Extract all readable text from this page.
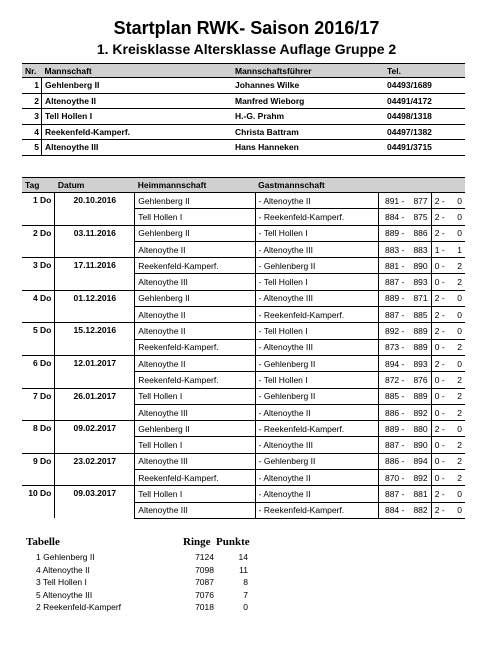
Startplan RWK- Saison 2016/17
1. Kreisklasse Altersklasse Auflage Gruppe 2
Nr.	Mannschaft	Mannschaftsführer	Tel.
1	Gehlenberg II	Johannes Wilke	04493/1689
2	Altenoythe II	Manfred Wieborg	04491/4172
3	Tell Hollen I	H.-G. Prahm	04498/1318
4	Reekenfeld-Kamperf.	Christa Battram	04497/1382
5	Altenoythe III	Hans Hanneken	04491/3715
Tag	Datum	Heimmannschaft	Gastmannschaft				
1 Do	20.10.2016	Gehlenberg II	- Altenoythe II	891 -	877	2 -	0
		Tell Hollen I	- Reekenfeld-Kamperf.	884 -	875	2 -	0
2 Do	03.11.2016	Gehlenberg II	- Tell Hollen I	889 -	886	2 -	0
		Altenoythe II	- Altenoythe III	883 -	883	1 -	1
3 Do	17.11.2016	Reekenfeld-Kamperf.	- Gehlenberg II	881 -	890	0 -	2
		Altenoythe III	- Tell Hollen I	887 -	893	0 -	2
4 Do	01.12.2016	Gehlenberg II	- Altenoythe III	889 -	871	2 -	0
		Altenoythe II	- Reekenfeld-Kamperf.	887 -	885	2 -	0
5 Do	15.12.2016	Altenoythe II	- Tell Hollen I	892 -	889	2 -	0
		Reekenfeld-Kamperf.	- Altenoythe III	873 -	889	0 -	2
6 Do	12.01.2017	Altenoythe II	- Gehlenberg II	894 -	893	2 -	0
		Reekenfeld-Kamperf.	- Tell Hollen I	872 -	876	0 -	2
7 Do	26.01.2017	Tell Hollen I	- Gehlenberg II	885 -	889	0 -	2
		Altenoythe III	- Altenoythe II	886 -	892	0 -	2
8 Do	09.02.2017	Gehlenberg II	- Reekenfeld-Kamperf.	889 -	880	2 -	0
		Tell Hollen I	- Altenoythe III	887 -	890	0 -	2
9 Do	23.02.2017	Altenoythe III	- Gehlenberg II	886 -	894	0 -	2
		Reekenfeld-Kamperf.	- Altenoythe II	870 -	892	0 -	2
10 Do	09.03.2017	Tell Hollen I	- Altenoythe II	887 -	881	2 -	0
		Altenoythe III	- Reekenfeld-Kamperf.	884 -	882	2 -	0
Tabelle	Ringe Punkte
1 Gehlenberg II	7124	14
4 Altenoythe II	7098	11
3 Tell Hollen I	7087	8
5 Altenoythe III	7076	7
2 Reekenfeld-Kamperf	7018	0
